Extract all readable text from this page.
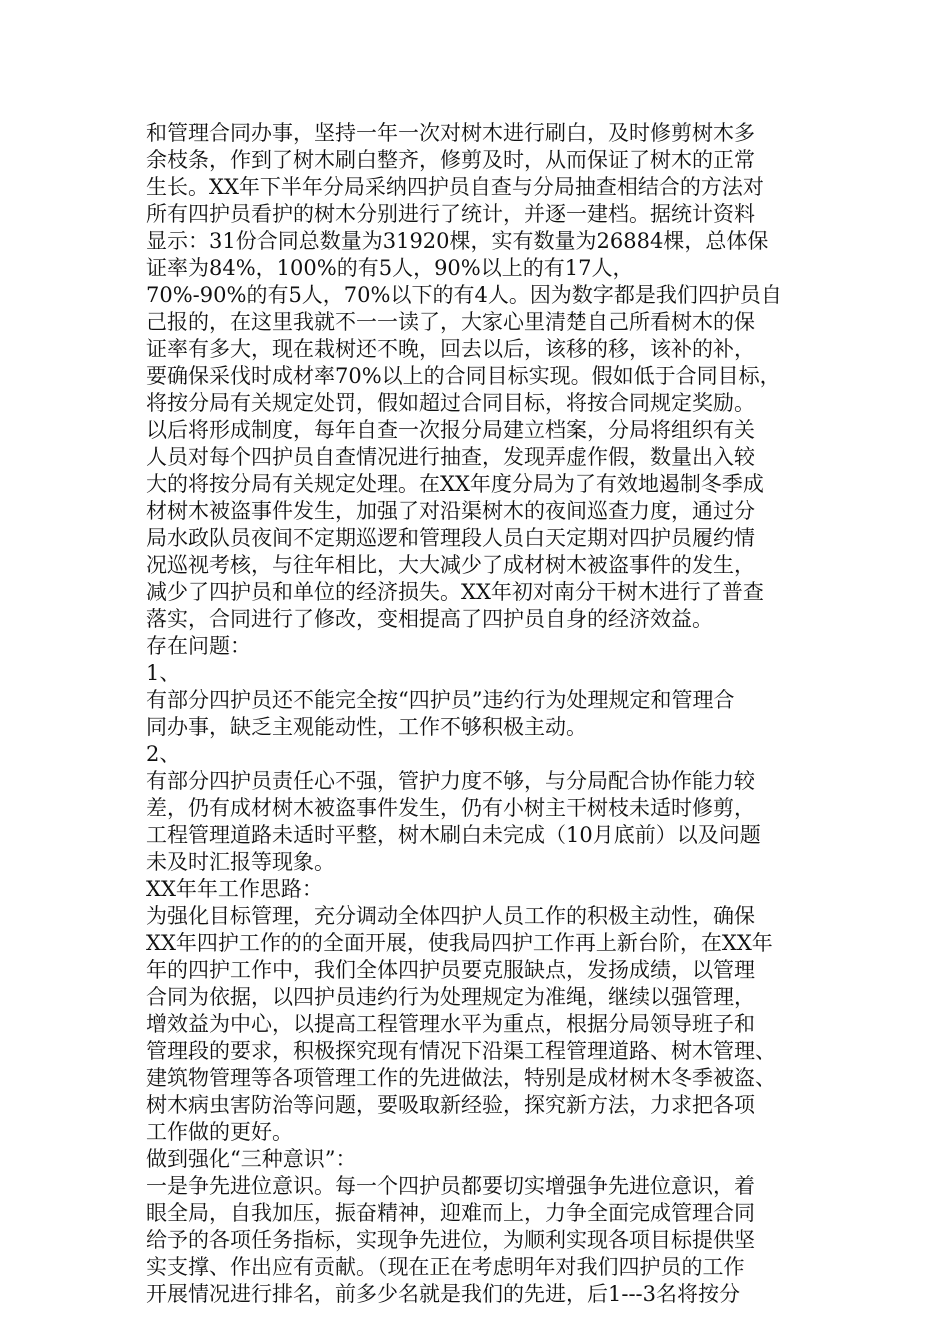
和管理合同办事，坚持一年一次对树木进行刷白，及时修剪树木多
余枝条，作到了树木刷白整齐，修剪及时，从而保证了树木的正常
生长。XX年下半年分局采纳四护员自查与分局抽查相结合的方法对
所有四护员看护的树木分别进行了统计，并逐一建档。据统计资料
显示：31份合同总数量为31920棵，实有数量为26884棵，总体保
证率为84%，100%的有5人，90%以上的有17人，
70%-90%的有5人，70%以下的有4人。因为数字都是我们四护员自
己报的，在这里我就不一一读了，大家心里清楚自己所看树木的保
证率有多大，现在栽树还不晚，回去以后，该移的移，该补的补，
要确保采伐时成材率70%以上的合同目标实现。假如低于合同目标，
将按分局有关规定处罚，假如超过合同目标，将按合同规定奖励。
以后将形成制度，每年自查一次报分局建立档案，分局将组织有关
人员对每个四护员自查情况进行抽查，发现弄虚作假，数量出入较
大的将按分局有关规定处理。在XX年度分局为了有效地遏制冬季成
材树木被盗事件发生，加强了对沿渠树木的夜间巡查力度，通过分
局水政队员夜间不定期巡逻和管理段人员白天定期对四护员履约情
况巡视考核，与往年相比，大大减少了成材树木被盗事件的发生，
减少了四护员和单位的经济损失。XX年初对南分干树木进行了普查
落实，合同进行了修改，变相提高了四护员自身的经济效益。
存在问题：
1、
有部分四护员还不能完全按“四护员”违约行为处理规定和管理合
同办事，缺乏主观能动性，工作不够积极主动。
2、
有部分四护员责任心不强，管护力度不够，与分局配合协作能力较
差，仍有成材树木被盗事件发生，仍有小树主干树枝未适时修剪，
工程管理道路未适时平整，树木刷白未完成（10月底前）以及问题
未及时汇报等现象。
XX年年工作思路：
为强化目标管理，充分调动全体四护人员工作的积极主动性，确保
XX年四护工作的的全面开展，使我局四护工作再上新台阶，在XX年
年的四护工作中，我们全体四护员要克服缺点，发扬成绩，以管理
合同为依据，以四护员违约行为处理规定为准绳，继续以强管理，
增效益为中心，以提高工程管理水平为重点，根据分局领导班子和
管理段的要求，积极探究现有情况下沿渠工程管理道路、树木管理、
建筑物管理等各项管理工作的先进做法，特别是成材树木冬季被盗、
树木病虫害防治等问题，要吸取新经验，探究新方法，力求把各项
工作做的更好。
做到强化“三种意识”：
一是争先进位意识。每一个四护员都要切实增强争先进位意识，着
眼全局，自我加压，振奋精神，迎难而上，力争全面完成管理合同
给予的各项任务指标，实现争先进位，为顺利实现各项目标提供坚
实支撑、作出应有贡献。（现在正在考虑明年对我们四护员的工作
开展情况进行排名，前多少名就是我们的先进，后1---3名将按分
